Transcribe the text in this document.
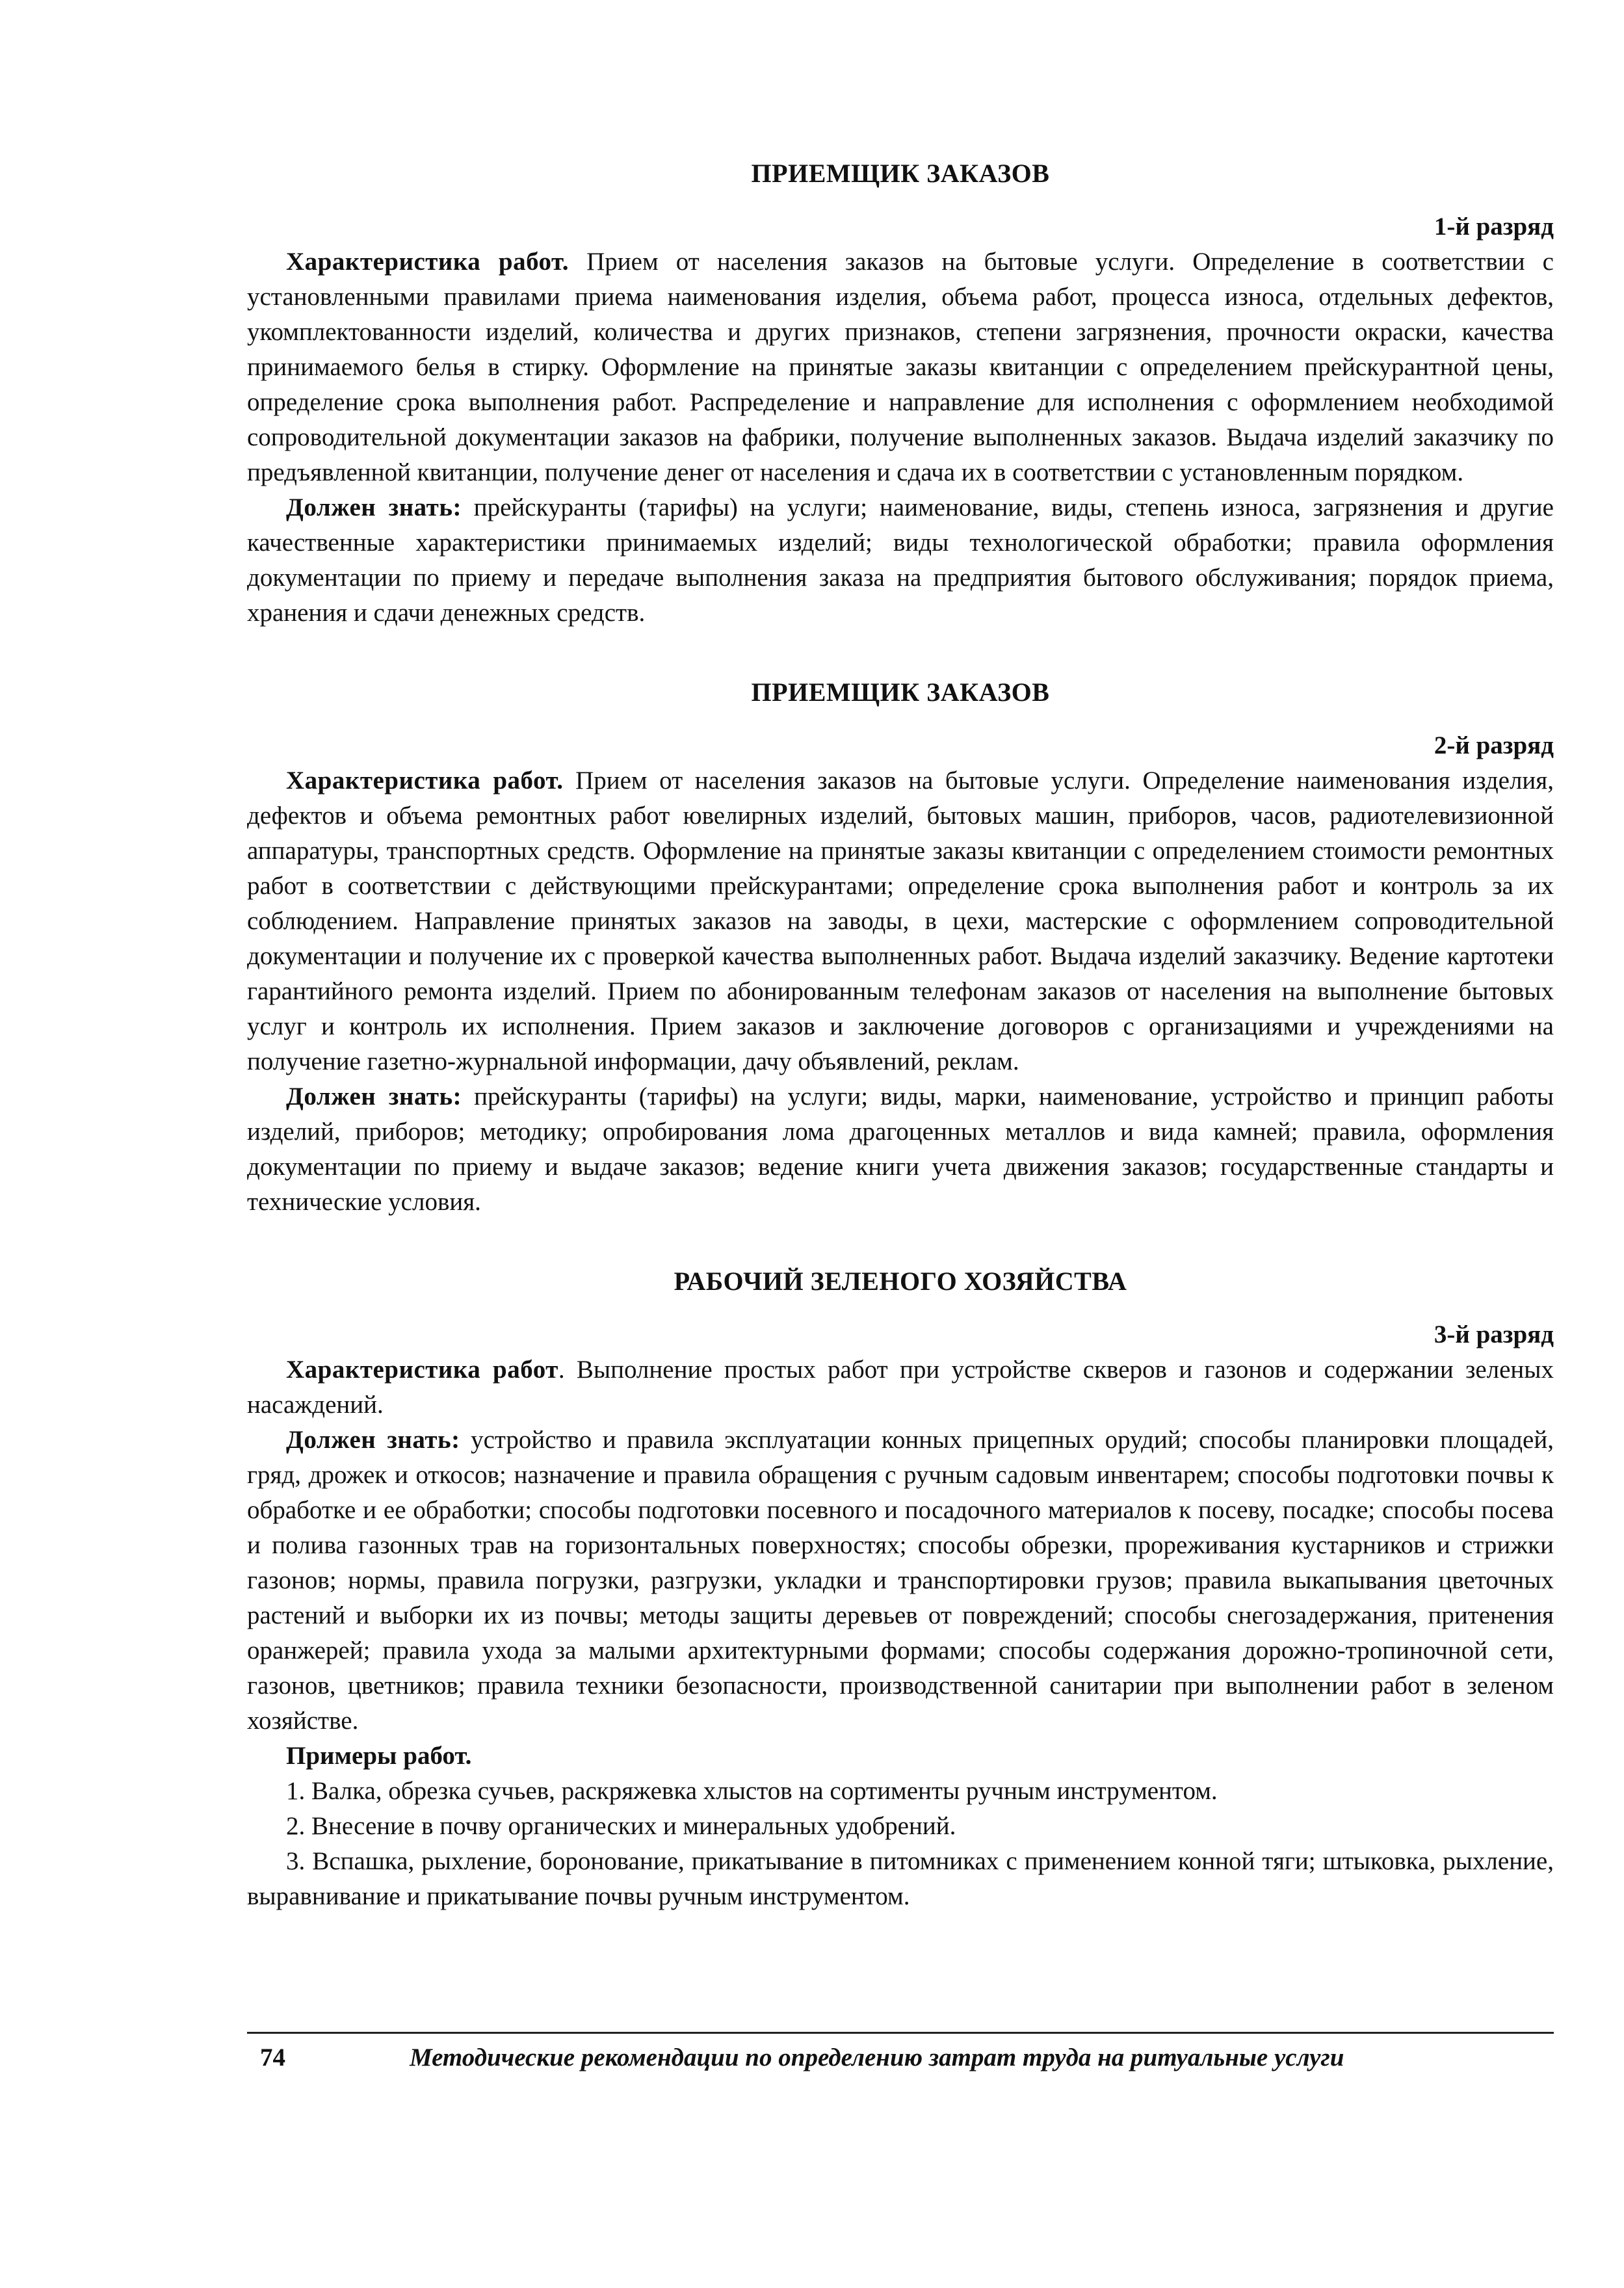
ПРИЕМЩИК ЗАКАЗОВ
1-й разряд

Характеристика работ. Прием от населения заказов на бытовые услуги. Определение в соответствии с установленными правилами приема наименования изделия, объема работ, процесса износа, отдельных дефектов, укомплектованности изделий, количества и других признаков, степени загрязнения, прочности окраски, качества принимаемого белья в стирку. Оформление на принятые заказы квитанции с определением прейскурантной цены, определение срока выполнения работ. Распределение и направление для исполнения с оформлением необходимой сопроводительной документации заказов на фабрики, получение выполненных заказов. Выдача изделий заказчику по предъявленной квитанции, получение денег от населения и сдача их в соответствии с установленным порядком.

Должен знать: прейскуранты (тарифы) на услуги; наименование, виды, степень износа, загрязнения и другие качественные характеристики принимаемых изделий; виды технологической обработки; правила оформления документации по приему и передаче выполнения заказа на предприятия бытового обслуживания; порядок приема, хранения и сдачи денежных средств.

ПРИЕМЩИК ЗАКАЗОВ
2-й разряд

Характеристика работ. Прием от населения заказов на бытовые услуги. Определение наименования изделия, дефектов и объема ремонтных работ ювелирных изделий, бытовых машин, приборов, часов, радиотелевизионной аппаратуры, транспортных средств. Оформление на принятые заказы квитанции с определением стоимости ремонтных работ в соответствии с действующими прейскурантами; определение срока выполнения работ и контроль за их соблюдением. Направление принятых заказов на заводы, в цехи, мастерские с оформлением сопроводительной документации и получение их с проверкой качества выполненных работ. Выдача изделий заказчику. Ведение картотеки гарантийного ремонта изделий. Прием по абонированным телефонам заказов от населения на выполнение бытовых услуг и контроль их исполнения. Прием заказов и заключение договоров с организациями и учреждениями на получение газетно-журнальной информации, дачу объявлений, реклам.

Должен знать: прейскуранты (тарифы) на услуги; виды, марки, наименование, устройство и принцип работы изделий, приборов; методику; опробирования лома драгоценных металлов и вида камней; правила, оформления документации по приему и выдаче заказов; ведение книги учета движения заказов; государственные стандарты и технические условия.

РАБОЧИЙ ЗЕЛЕНОГО ХОЗЯЙСТВА
3-й разряд

Характеристика работ. Выполнение простых работ при устройстве скверов и газонов и содержании зеленых насаждений.

Должен знать: устройство и правила эксплуатации конных прицепных орудий; способы планировки площадей, гряд, дрожек и откосов; назначение и правила обращения с ручным садовым инвентарем; способы подготовки почвы к обработке и ее обработки; способы подготовки посевного и посадочного материалов к посеву, посадке; способы посева и полива газонных трав на горизонтальных поверхностях; способы обрезки, прореживания кустарников и стрижки газонов; нормы, правила погрузки, разгрузки, укладки и транспортировки грузов; правила выкапывания цветочных растений и выборки их из почвы; методы защиты деревьев от повреждений; способы снегозадержания, притенения оранжерей; правила ухода за малыми архитектурными формами; способы содержания дорожно-тропиночной сети, газонов, цветников; правила техники безопасности, производственной санитарии при выполнении работ в зеленом хозяйстве.

Примеры работ.

1. Валка, обрезка сучьев, раскряжевка хлыстов на сортименты ручным инструментом.

2. Внесение в почву органических и минеральных удобрений.

3. Вспашка, рыхление, боронование, прикатывание в питомниках с применением конной тяги; штыковка, рыхление, выравнивание и прикатывание почвы ручным инструментом.

74	Методические рекомендации по определению затрат труда на ритуальные услуги
